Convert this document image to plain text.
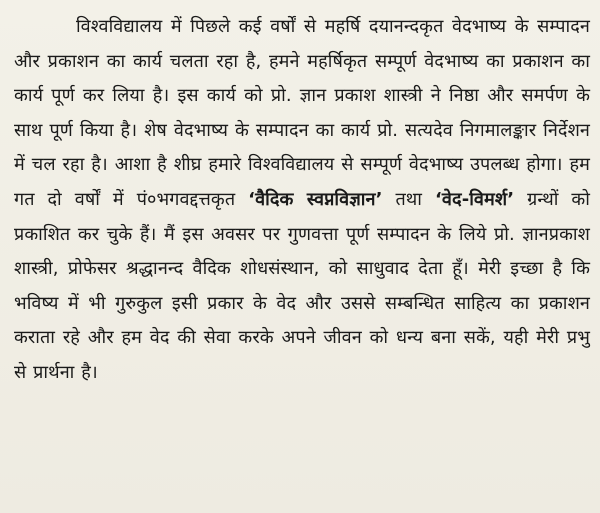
विश्वविद्यालय में पिछले कई वर्षों से महर्षि दयानन्दकृत वेदभाष्य के सम्पादन और प्रकाशन का कार्य चलता रहा है, हमने महर्षिकृत सम्पूर्ण वेदभाष्य का प्रकाशन का कार्य पूर्ण कर लिया है। इस कार्य को प्रो. ज्ञान प्रकाश शास्त्री ने निष्ठा और समर्पण के साथ पूर्ण किया है। शेष वेदभाष्य के सम्पादन का कार्य प्रो. सत्यदेव निगमालङ्कार निर्देशन में चल रहा है। आशा है शीघ्र हमारे विश्वविद्यालय से सम्पूर्ण वेदभाष्य उपलब्ध होगा। हम गत दो वर्षों में पं०भगवद्दत्तकृत ‘वैदिक स्वप्नविज्ञान’ तथा ‘वेद-विमर्श’ ग्रन्थों को प्रकाशित कर चुके हैं। मैं इस अवसर पर गुणवत्ता पूर्ण सम्पादन के लिये प्रो. ज्ञानप्रकाश शास्त्री, प्रोफेसर श्रद्धानन्द वैदिक शोधसंस्थान, को साधुवाद देता हूँ। मेरी इच्छा है कि भविष्य में भी गुरुकुल इसी प्रकार के वेद और उससे सम्बन्धित साहित्य का प्रकाशन कराता रहे और हम वेद की सेवा करके अपने जीवन को धन्य बना सकें, यही मेरी प्रभु से प्रार्थना है।
